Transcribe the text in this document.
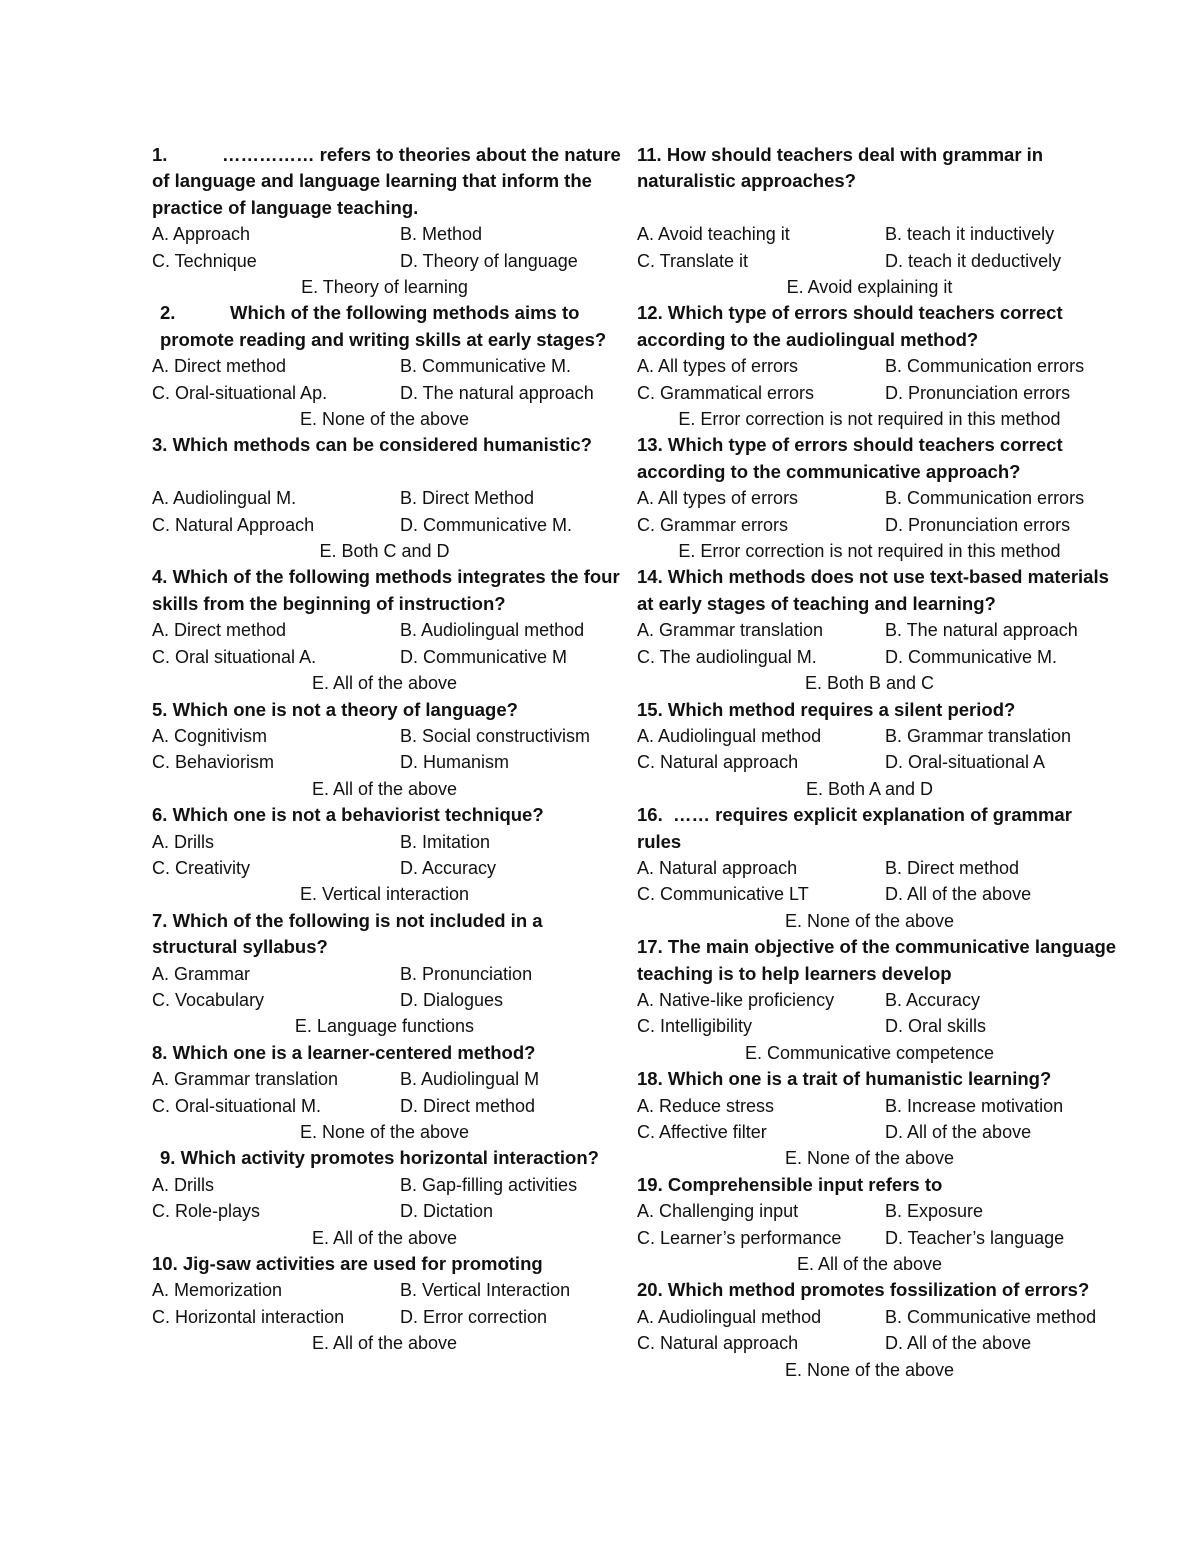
1.	…………… refers to theories about the nature of language and language learning that inform the practice of language teaching.
A. Approach	B. Method
C. Technique	D. Theory of language
E. Theory of learning
2.	Which of the following methods aims to promote reading and writing skills at early stages?
A. Direct method	B. Communicative M.
C. Oral-situational Ap.	D. The natural approach
E. None of the above
3. Which methods can be considered humanistic?
A. Audiolingual M.	B. Direct Method
C. Natural Approach	D. Communicative M.
E. Both C and D
4. Which of the following methods integrates the four skills from the beginning of instruction?
A. Direct method	B. Audiolingual method
C. Oral situational A.	D. Communicative M
E. All of the above
5. Which one is not a theory of language?
A. Cognitivism	B. Social constructivism
C. Behaviorism	D. Humanism
E. All of the above
6. Which one is not a behaviorist technique?
A. Drills	B. Imitation
C. Creativity	D. Accuracy
E. Vertical interaction
7. Which of the following is not included in a structural syllabus?
A. Grammar	B. Pronunciation
C. Vocabulary	D. Dialogues
E. Language functions
8. Which one is a learner-centered method?
A. Grammar translation	B. Audiolingual M
C. Oral-situational M.	D. Direct method
E. None of the above
9. Which activity promotes horizontal interaction?
A. Drills	B. Gap-filling activities
C. Role-plays	D. Dictation
E. All of the above
10. Jig-saw activities are used for promoting
A. Memorization	B. Vertical Interaction
C. Horizontal interaction	D. Error correction
E. All of the above
11. How should teachers deal with grammar in naturalistic approaches?
A. Avoid teaching it	B. teach it inductively
C. Translate it	D. teach it deductively
E. Avoid explaining it
12. Which type of errors should teachers correct according to the audiolingual method?
A. All types of errors	B. Communication errors
C. Grammatical errors	D. Pronunciation errors
E. Error correction is not required in this method
13. Which type of errors should teachers correct according to the communicative approach?
A. All types of errors	B. Communication errors
C. Grammar errors	D. Pronunciation errors
E. Error correction is not required in this method
14. Which methods does not use text-based materials at early stages of teaching and learning?
A. Grammar translation	B. The natural approach
C. The audiolingual M.	D. Communicative M.
E. Both B and C
15. Which method requires a silent period?
A. Audiolingual method	B. Grammar translation
C. Natural approach	D. Oral-situational A
E. Both A and D
16. …… requires explicit explanation of grammar rules
A. Natural approach	B. Direct method
C. Communicative LT	D. All of the above
E. None of the above
17. The main objective of the communicative language teaching is to help learners develop
A. Native-like proficiency	B. Accuracy
C. Intelligibility	D. Oral skills
E. Communicative competence
18. Which one is a trait of humanistic learning?
A. Reduce stress	B. Increase motivation
C. Affective filter	D. All of the above
E. None of the above
19. Comprehensible input refers to
A. Challenging input	B. Exposure
C. Learner’s performance	D. Teacher’s language
E. All of the above
20. Which method promotes fossilization of errors?
A. Audiolingual method	B. Communicative method
C. Natural approach	D. All of the above
E. None of the above
